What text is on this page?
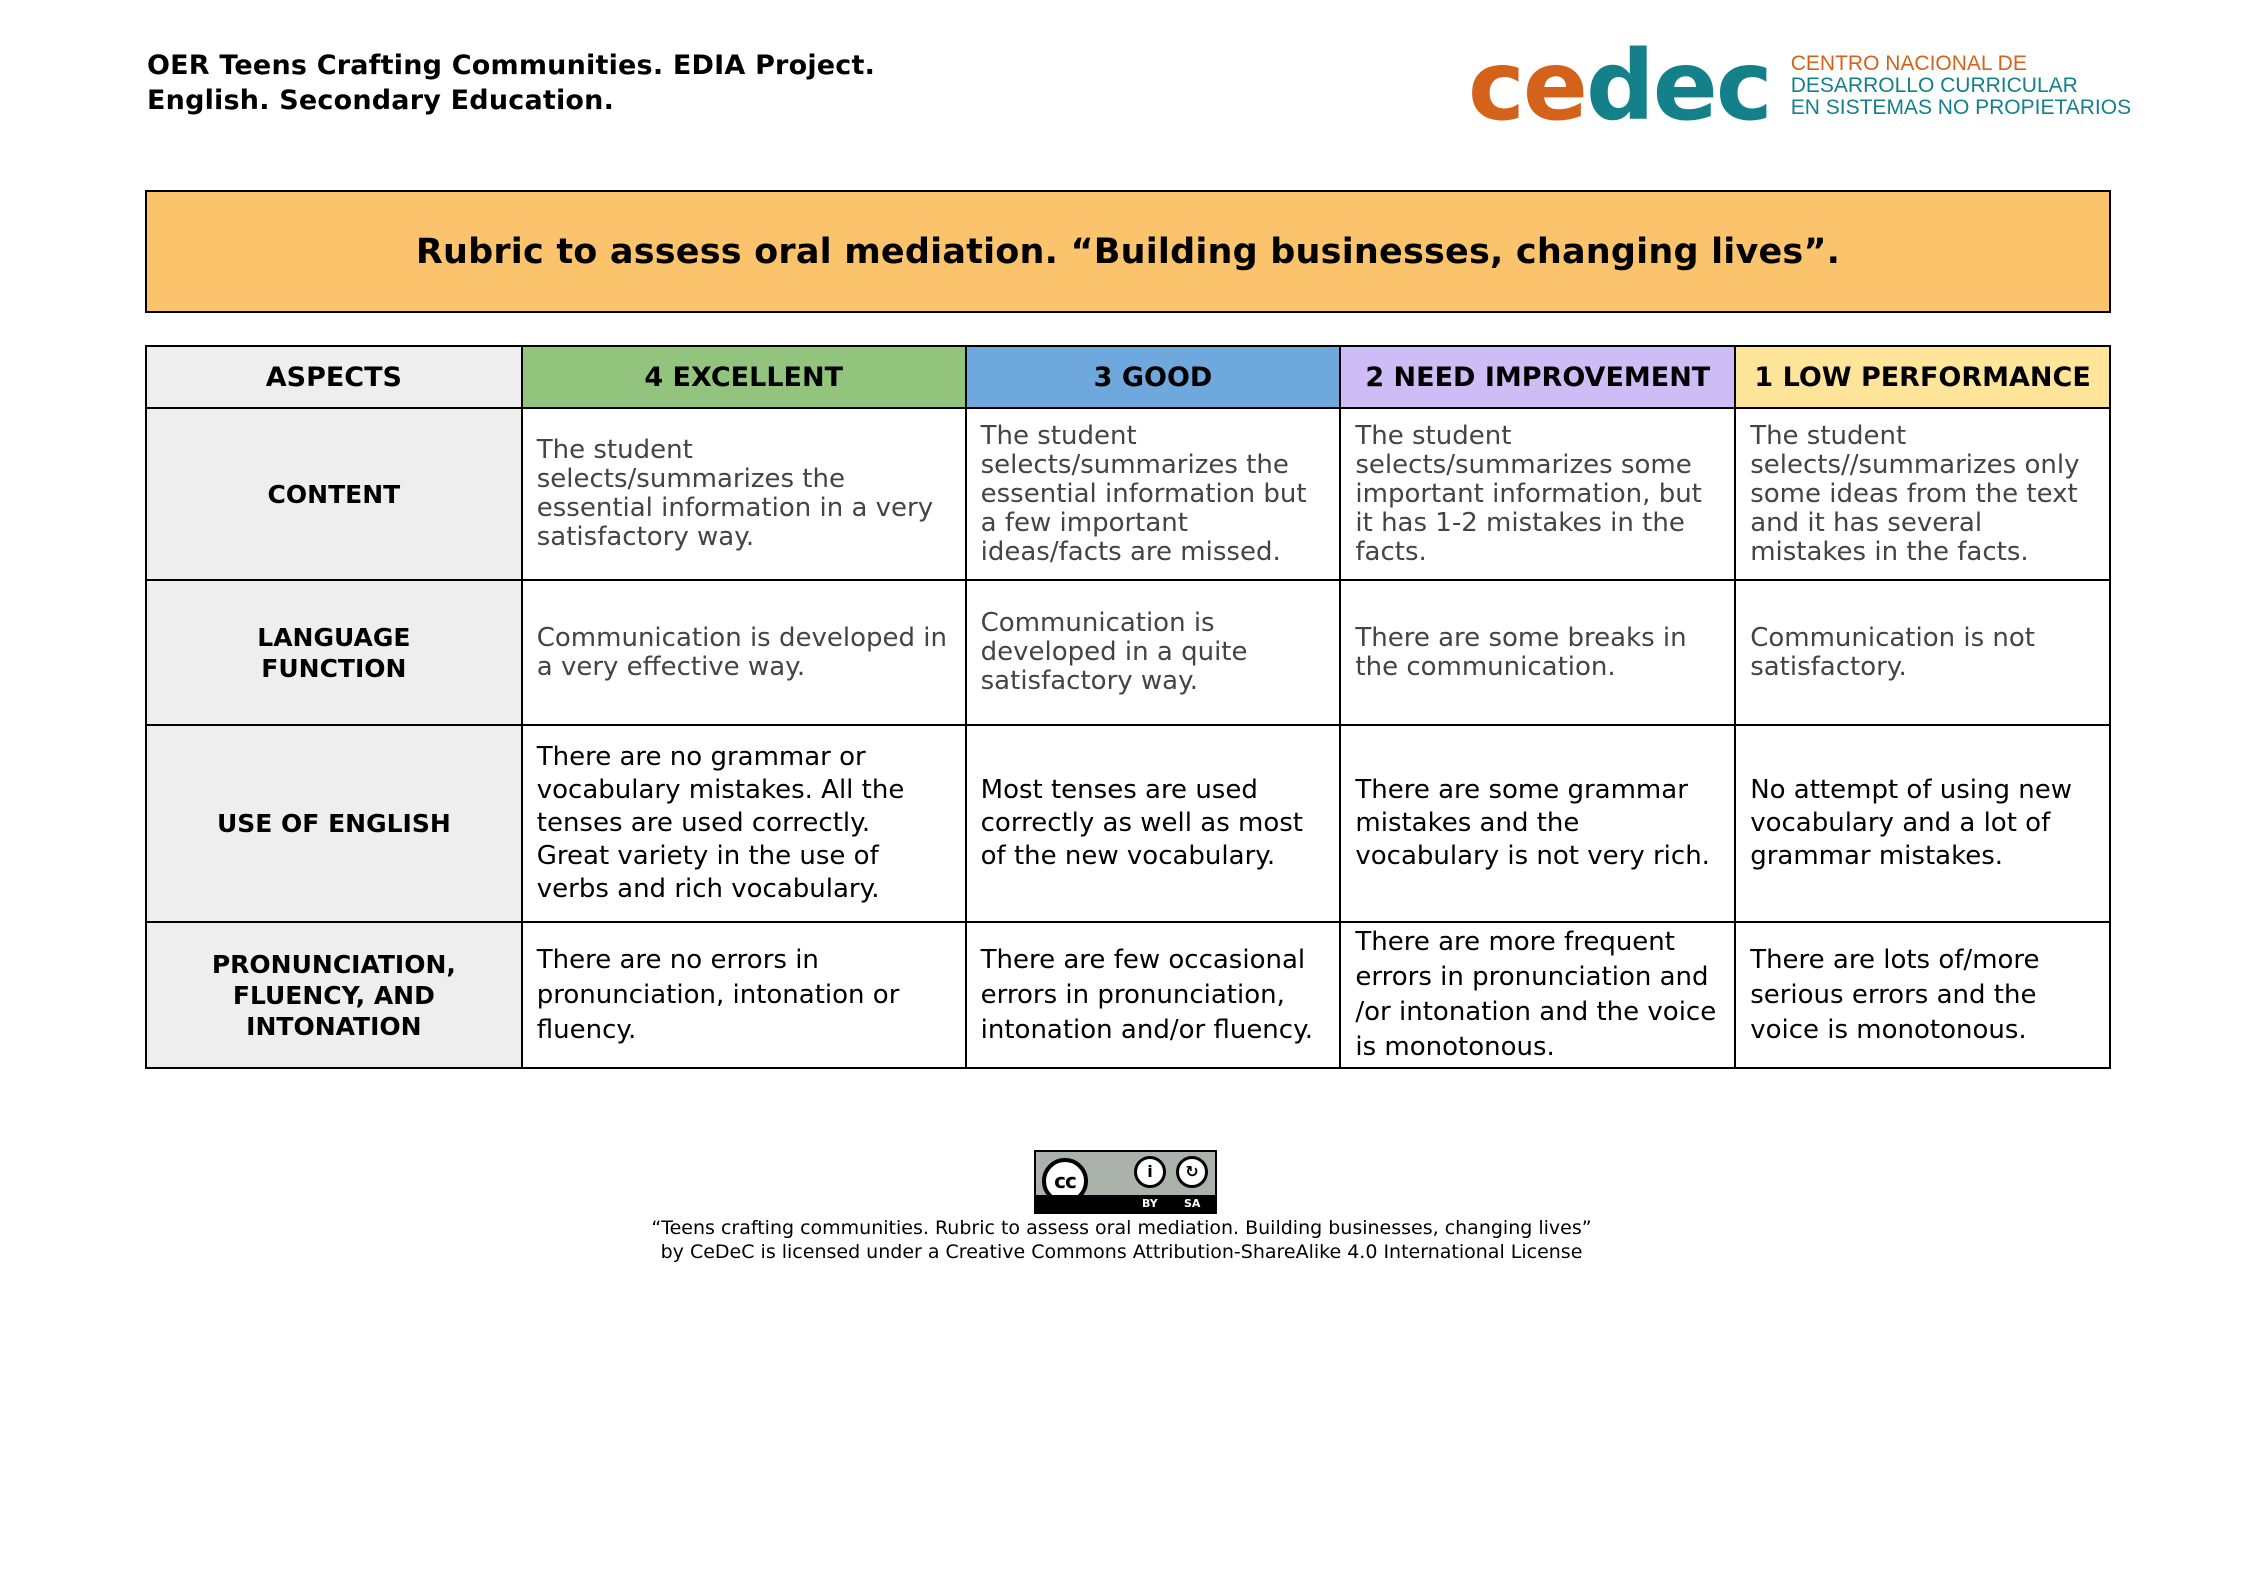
OER Teens Crafting Communities. EDIA Project.
English. Secondary Education.	cedec CENTRO NACIONAL DE
DESARROLLO CURRICULAR
EN SISTEMAS NO PROPIETARIOS
Rubric to assess oral mediation. “Building businesses, changing lives”.
ASPECTS	4 EXCELLENT	3 GOOD	2 NEED IMPROVEMENT	1 LOW PERFORMANCE
CONTENT	The student selects/summarizes the essential information in a very satisfactory way.	The student selects/summarizes the essential information but a few important ideas/facts are missed.	The student selects/summarizes some important information, but it has 1-2 mistakes in the facts.	The student selects//summarizes only some ideas from the text and it has several mistakes in the facts.
LANGUAGE FUNCTION	Communication is developed in a very effective way.	Communication is developed in a quite satisfactory way.	There are some breaks in the communication.	Communication is not satisfactory.
USE OF ENGLISH	There are no grammar or vocabulary mistakes. All the tenses are used correctly. Great variety in the use of verbs and rich vocabulary.	Most tenses are used correctly as well as most of the new vocabulary.	There are some grammar mistakes and the vocabulary is not very rich.	No attempt of using new vocabulary and a lot of grammar mistakes.
PRONUNCIATION, FLUENCY, AND INTONATION	There are no errors in pronunciation, intonation or fluency.	There are few occasional errors in pronunciation, intonation and/or fluency.	There are more frequent errors in pronunciation and /or intonation and the voice is monotonous.	There are lots of/more serious errors and the voice is monotonous.
cc	i	↻
BY SA
“Teens crafting communities. Rubric to assess oral mediation. Building businesses, changing lives”
by CeDeC is licensed under a Creative Commons Attribution-ShareAlike 4.0 International License
